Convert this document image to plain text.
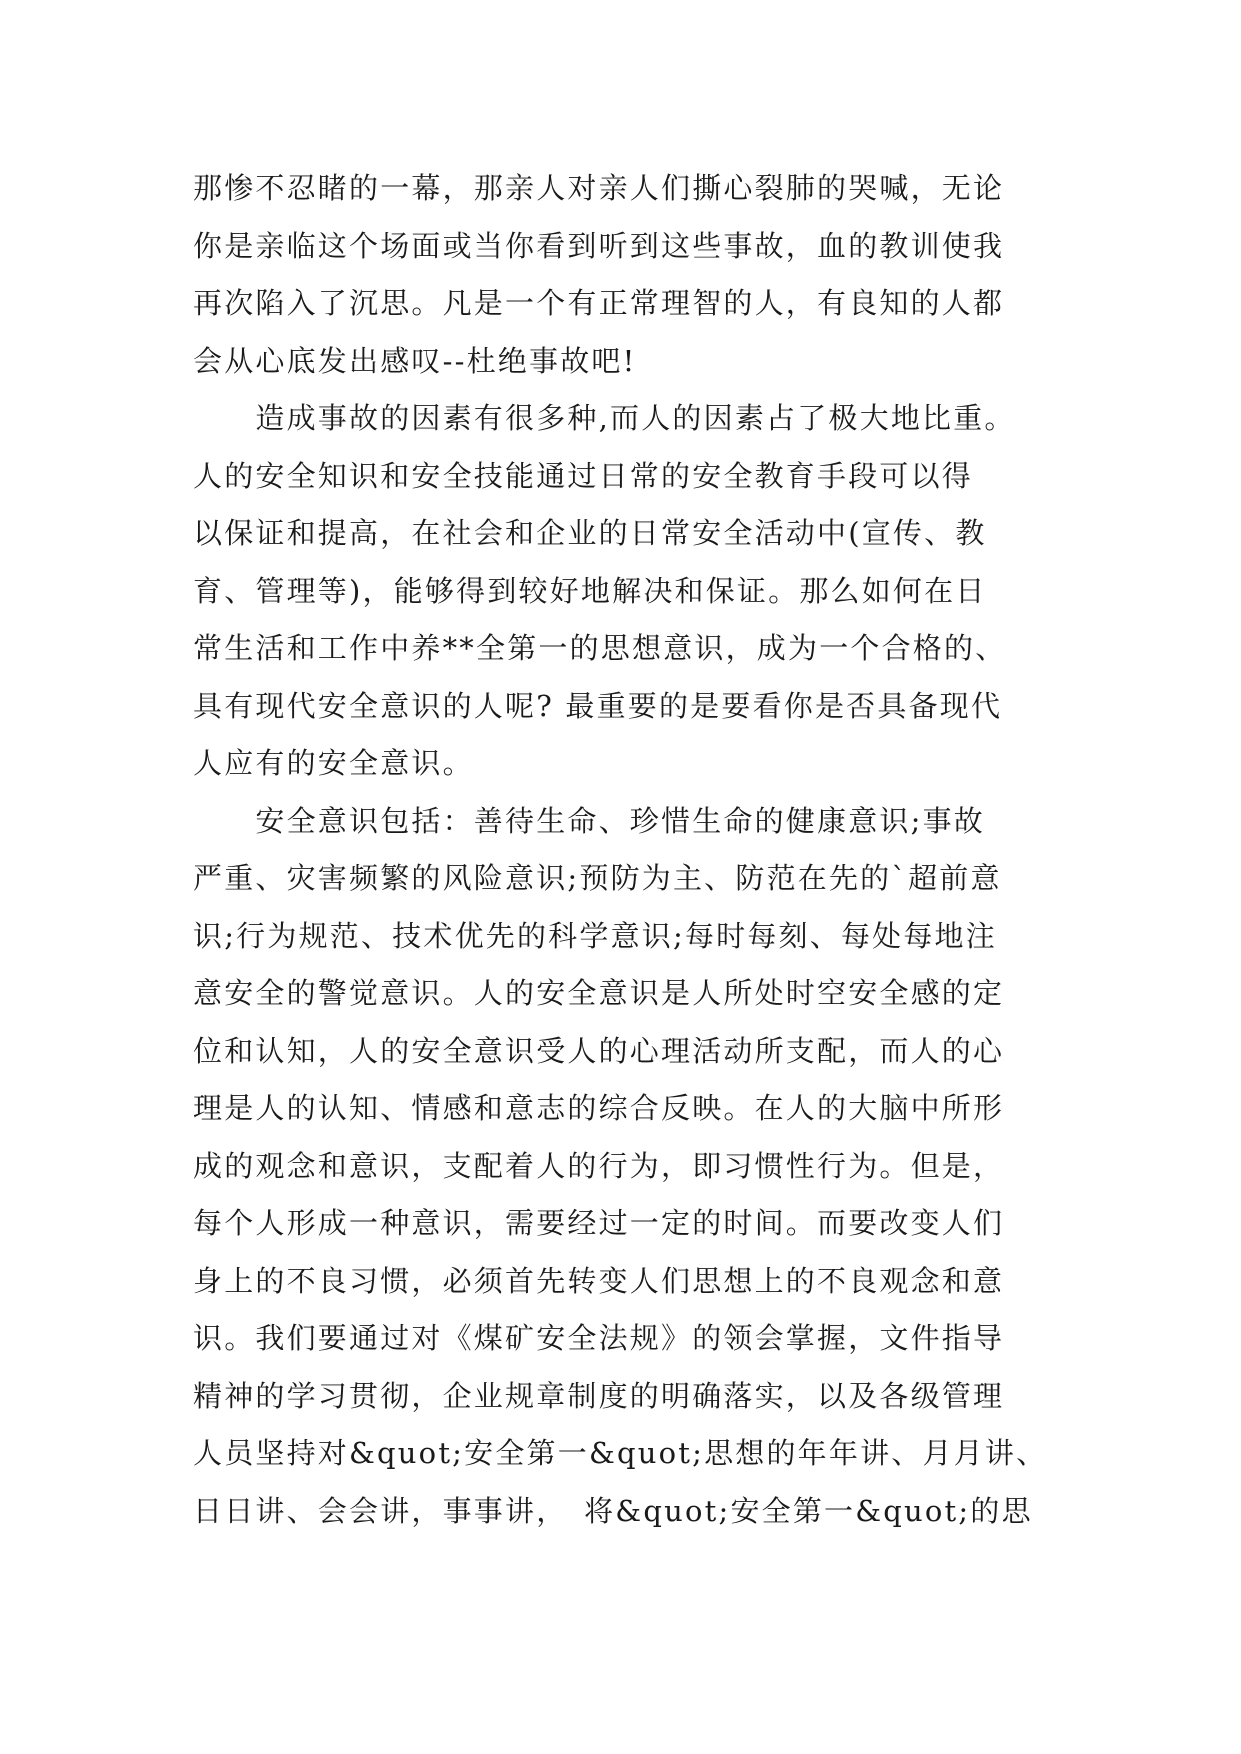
那惨不忍睹的一幕，那亲人对亲人们撕心裂肺的哭喊，无论
你是亲临这个场面或当你看到听到这些事故，血的教训使我
再次陷入了沉思。凡是一个有正常理智的人，有良知的人都
会从心底发出感叹--杜绝事故吧!
　　造成事故的因素有很多种,而人的因素占了极大地比重。
人的安全知识和安全技能通过日常的安全教育手段可以得
以保证和提高，在社会和企业的日常安全活动中(宣传、教
育、管理等)，能够得到较好地解决和保证。那么如何在日
常生活和工作中养**全第一的思想意识，成为一个合格的、
具有现代安全意识的人呢? 最重要的是要看你是否具备现代
人应有的安全意识。
　　安全意识包括：善待生命、珍惜生命的健康意识;事故
严重、灾害频繁的风险意识;预防为主、防范在先的`超前意
识;行为规范、技术优先的科学意识;每时每刻、每处每地注
意安全的警觉意识。人的安全意识是人所处时空安全感的定
位和认知，人的安全意识受人的心理活动所支配，而人的心
理是人的认知、情感和意志的综合反映。在人的大脑中所形
成的观念和意识，支配着人的行为，即习惯性行为。但是，
每个人形成一种意识，需要经过一定的时间。而要改变人们
身上的不良习惯，必须首先转变人们思想上的不良观念和意
识。我们要通过对《煤矿安全法规》的领会掌握，文件指导
精神的学习贯彻，企业规章制度的明确落实，以及各级管理
人员坚持对&quot;安全第一&quot;思想的年年讲、月月讲、
日日讲、会会讲，事事讲，　将&quot;安全第一&quot;的思
